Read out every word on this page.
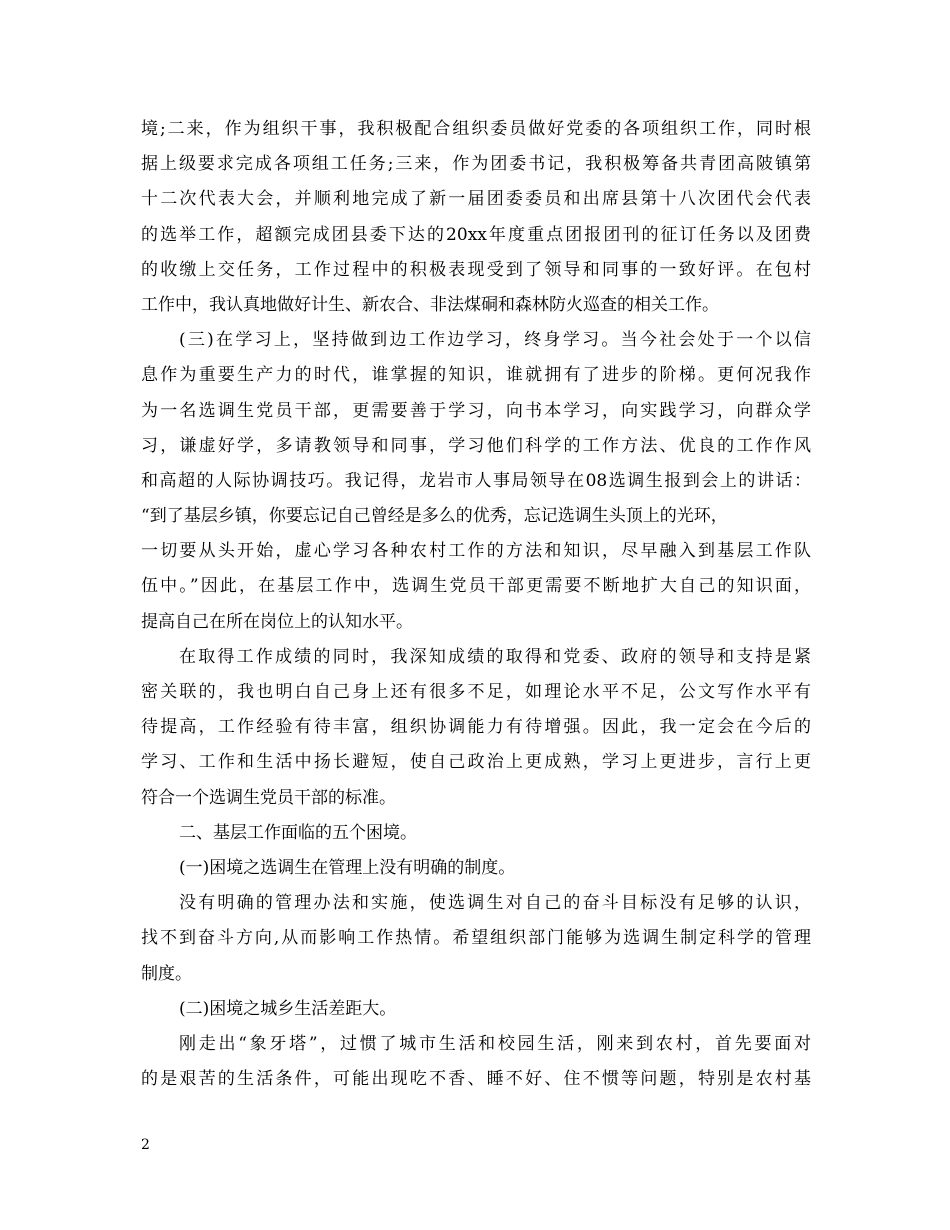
境;二来，作为组织干事，我积极配合组织委员做好党委的各项组织工作，同时根
据上级要求完成各项组工任务;三来，作为团委书记，我积极筹备共青团高陂镇第
十二次代表大会，并顺利地完成了新一届团委委员和出席县第十八次团代会代表
的选举工作，超额完成团县委下达的20xx年度重点团报团刊的征订任务以及团费
的收缴上交任务，工作过程中的积极表现受到了领导和同事的一致好评。在包村
工作中，我认真地做好计生、新农合、非法煤硐和森林防火巡查的相关工作。
(三)在学习上，坚持做到边工作边学习，终身学习。当今社会处于一个以信
息作为重要生产力的时代，谁掌握的知识，谁就拥有了进步的阶梯。更何况我作
为一名选调生党员干部，更需要善于学习，向书本学习，向实践学习，向群众学
习，谦虚好学，多请教领导和同事，学习他们科学的工作方法、优良的工作作风
和高超的人际协调技巧。我记得，龙岩市人事局领导在08选调生报到会上的讲话：
“到了基层乡镇，你要忘记自己曾经是多么的优秀，忘记选调生头顶上的光环，
一切要从头开始，虚心学习各种农村工作的方法和知识，尽早融入到基层工作队
伍中。”因此，在基层工作中，选调生党员干部更需要不断地扩大自己的知识面，
提高自己在所在岗位上的认知水平。
在取得工作成绩的同时，我深知成绩的取得和党委、政府的领导和支持是紧
密关联的，我也明白自己身上还有很多不足，如理论水平不足，公文写作水平有
待提高，工作经验有待丰富，组织协调能力有待增强。因此，我一定会在今后的
学习、工作和生活中扬长避短，使自己政治上更成熟，学习上更进步，言行上更
符合一个选调生党员干部的标准。
二、基层工作面临的五个困境。
(一)困境之选调生在管理上没有明确的制度。
没有明确的管理办法和实施，使选调生对自己的奋斗目标没有足够的认识，
找不到奋斗方向,从而影响工作热情。希望组织部门能够为选调生制定科学的管理
制度。
(二)困境之城乡生活差距大。
刚走出“象牙塔”，过惯了城市生活和校园生活，刚来到农村，首先要面对
的是艰苦的生活条件，可能出现吃不香、睡不好、住不惯等问题，特别是农村基
2
